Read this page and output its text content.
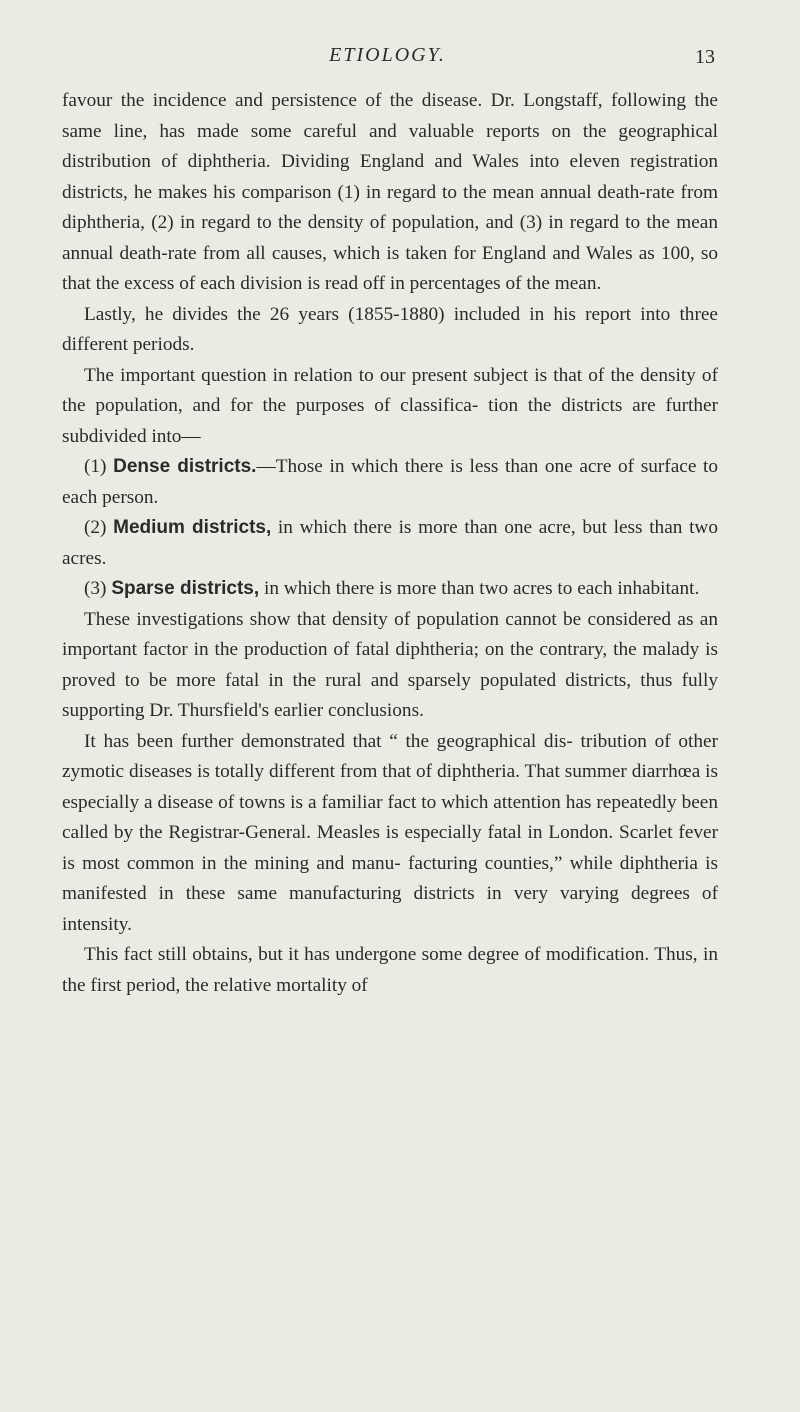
ETIOLOGY.	13

favour the incidence and persistence of the disease. Dr. Longstaff, following the same line, has made some careful and valuable reports on the geographical distribution of diphtheria. Dividing England and Wales into eleven registration districts, he makes his comparison (1) in regard to the mean annual death-rate from diphtheria, (2) in regard to the density of population, and (3) in regard to the mean annual death-rate from all causes, which is taken for England and Wales as 100, so that the excess of each division is read off in percentages of the mean.

Lastly, he divides the 26 years (1855-1880) included in his report into three different periods.

The important question in relation to our present subject is that of the density of the population, and for the purposes of classifica- tion the districts are further subdivided into—

(1) Dense districts.—Those in which there is less than one acre of surface to each person.

(2) Medium districts, in which there is more than one acre, but less than two acres.

(3) Sparse districts, in which there is more than two acres to each inhabitant.

These investigations show that density of population cannot be considered as an important factor in the production of fatal diphtheria; on the contrary, the malady is proved to be more fatal in the rural and sparsely populated districts, thus fully supporting Dr. Thursfield's earlier conclusions.

It has been further demonstrated that “ the geographical dis- tribution of other zymotic diseases is totally different from that of diphtheria. That summer diarrhœa is especially a disease of towns is a familiar fact to which attention has repeatedly been called by the Registrar-General. Measles is especially fatal in London. Scarlet fever is most common in the mining and manu- facturing counties,” while diphtheria is manifested in these same manufacturing districts in very varying degrees of intensity.

This fact still obtains, but it has undergone some degree of modification. Thus, in the first period, the relative mortality of
